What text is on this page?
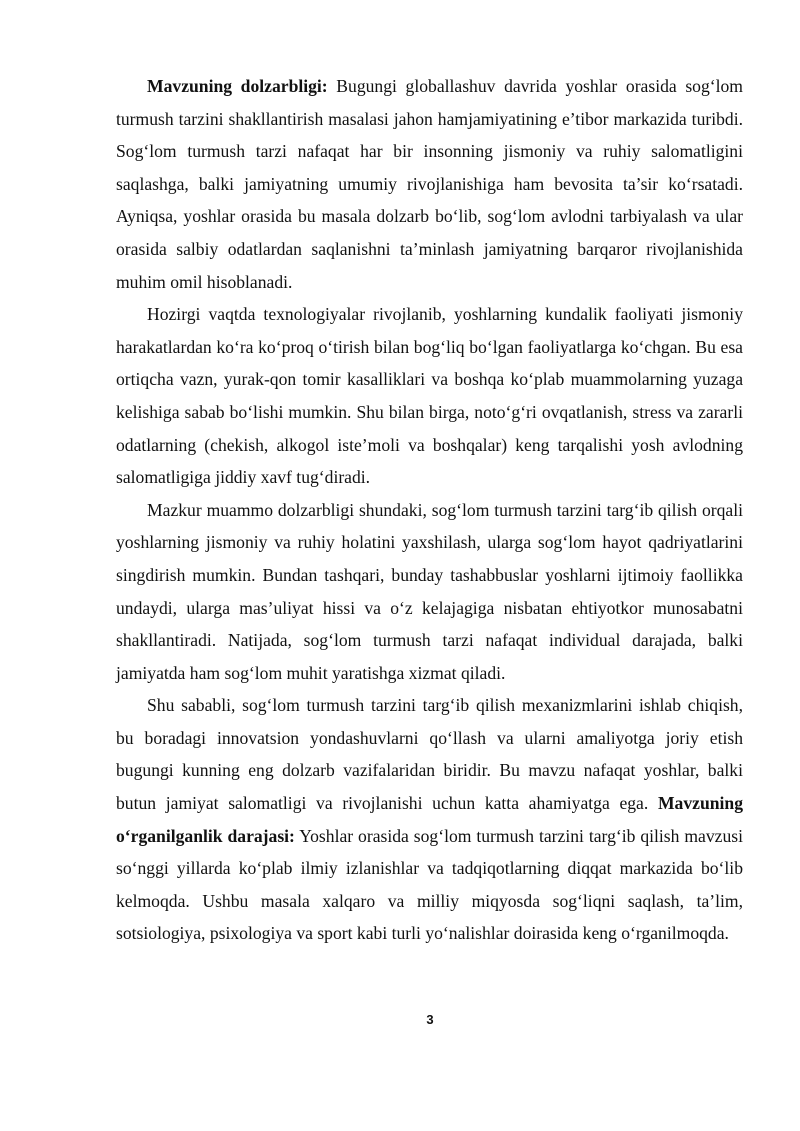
Mavzuning dolzarbligi: Bugungi globallashuv davrida yoshlar orasida sog‘lom turmush tarzini shakllantirish masalasi jahon hamjamiyatining e’tibor markazida turibdi. Sog‘lom turmush tarzi nafaqat har bir insonning jismoniy va ruhiy salomatligini saqlashga, balki jamiyatning umumiy rivojlanishiga ham bevosita ta’sir ko‘rsatadi. Ayniqsa, yoshlar orasida bu masala dolzarb bo‘lib, sog‘lom avlodni tarbiyalash va ular orasida salbiy odatlardan saqlanishni ta’minlash jamiyatning barqaror rivojlanishida muhim omil hisoblanadi.

Hozirgi vaqtda texnologiyalar rivojlanib, yoshlarning kundalik faoliyati jismoniy harakatlardan ko‘ra ko‘proq o‘tirish bilan bog‘liq bo‘lgan faoliyatlarga ko‘chgan. Bu esa ortiqcha vazn, yurak-qon tomir kasalliklari va boshqa ko‘plab muammolarning yuzaga kelishiga sabab bo‘lishi mumkin. Shu bilan birga, noto‘g‘ri ovqatlanish, stress va zararli odatlarning (chekish, alkogol iste’moli va boshqalar) keng tarqalishi yosh avlodning salomatligiga jiddiy xavf tug‘diradi.

Mazkur muammo dolzarbligi shundaki, sog‘lom turmush tarzini targ‘ib qilish orqali yoshlarning jismoniy va ruhiy holatini yaxshilash, ularga sog‘lom hayot qadriyatlarini singdirish mumkin. Bundan tashqari, bunday tashabbuslar yoshlarni ijtimoiy faollikka undaydi, ularga mas’uliyat hissi va o‘z kelajagiga nisbatan ehtiyotkor munosabatni shakllantiradi. Natijada, sog‘lom turmush tarzi nafaqat individual darajada, balki jamiyatda ham sog‘lom muhit yaratishga xizmat qiladi.

Shu sababli, sog‘lom turmush tarzini targ‘ib qilish mexanizmlarini ishlab chiqish, bu boradagi innovatsion yondashuvlarni qo‘llash va ularni amaliyotga joriy etish bugungi kunning eng dolzarb vazifalaridan biridir. Bu mavzu nafaqat yoshlar, balki butun jamiyat salomatligi va rivojlanishi uchun katta ahamiyatga ega. Mavzuning o‘rganilganlik darajasi: Yoshlar orasida sog‘lom turmush tarzini targ‘ib qilish mavzusi so‘nggi yillarda ko‘plab ilmiy izlanishlar va tadqiqotlarning diqqat markazida bo‘lib kelmoqda. Ushbu masala xalqaro va milliy miqyosda sog‘liqni saqlash, ta’lim, sotsiologiya, psixologiya va sport kabi turli yo‘nalishlar doirasida keng o‘rganilmoqda.

3
